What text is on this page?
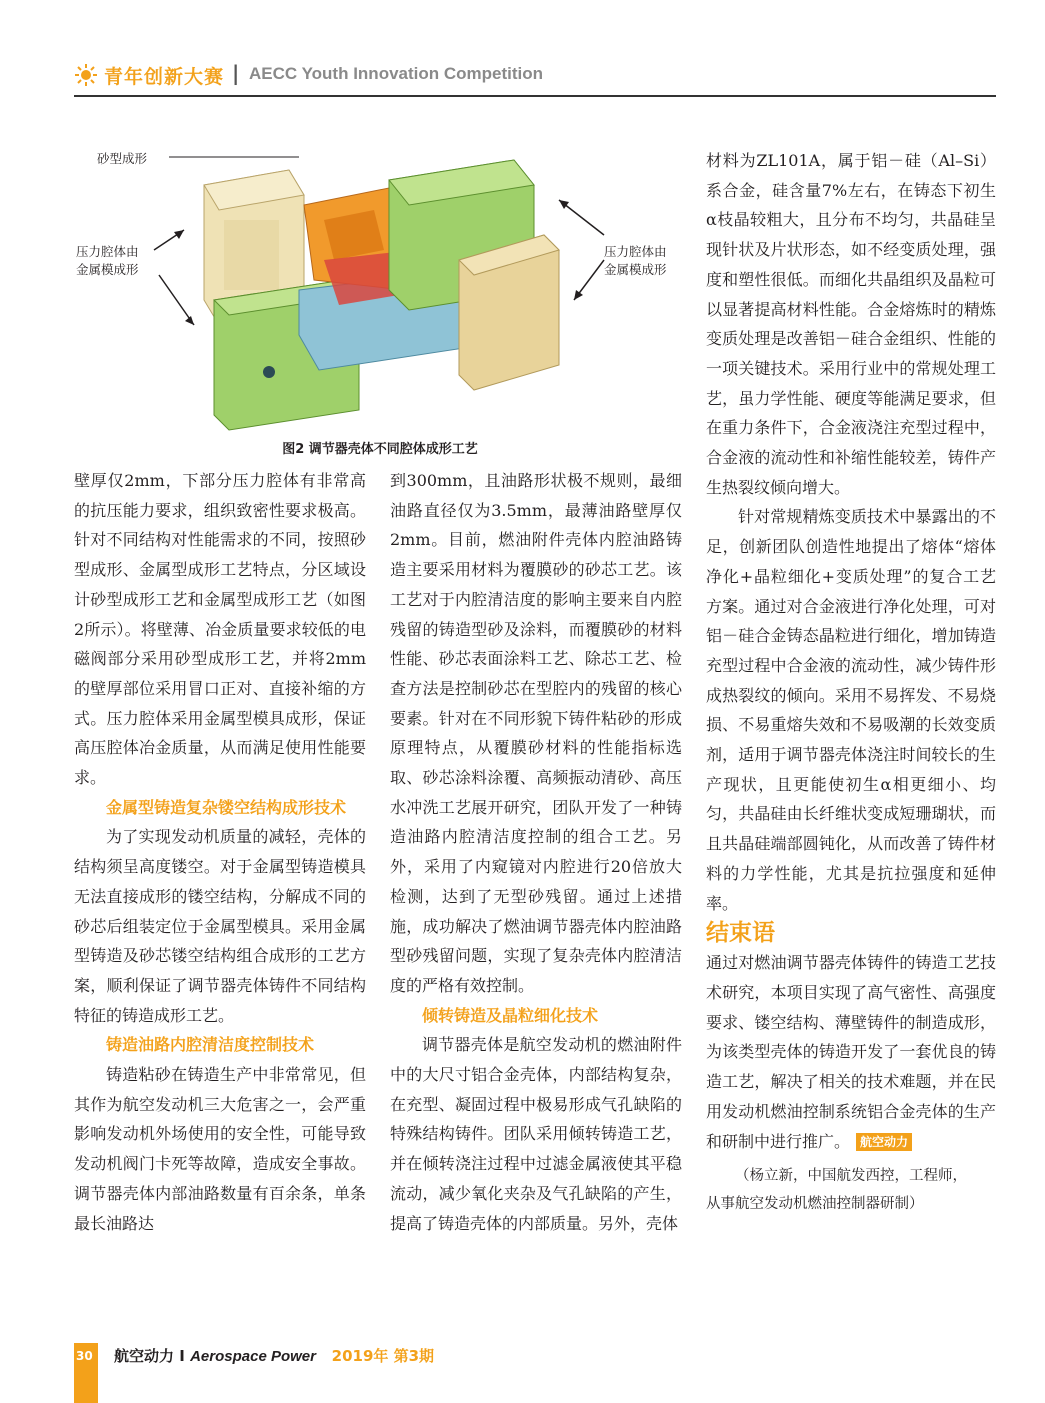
青年创新大赛 | AECC Youth Innovation Competition
砂型成形
压力腔体由
金属模成形
压力腔体由
金属模成形
图2 调节器壳体不同腔体成形工艺

壁厚仅2mm，下部分压力腔体有非常高的抗压能力要求，组织致密性要求极高。针对不同结构对性能需求的不同，按照砂型成形、金属型成形工艺特点，分区域设计砂型成形工艺和金属型成形工艺（如图2所示）。将壁薄、冶金质量要求较低的电磁阀部分采用砂型成形工艺，并将2mm的壁厚部位采用冒口正对、直接补缩的方式。压力腔体采用金属型模具成形，保证高压腔体冶金质量，从而满足使用性能要求。

金属型铸造复杂镂空结构成形技术

为了实现发动机质量的减轻，壳体的结构须呈高度镂空。对于金属型铸造模具无法直接成形的镂空结构，分解成不同的砂芯后组装定位于金属型模具。采用金属型铸造及砂芯镂空结构组合成形的工艺方案，顺利保证了调节器壳体铸件不同结构特征的铸造成形工艺。

铸造油路内腔清洁度控制技术

铸造粘砂在铸造生产中非常常见，但其作为航空发动机三大危害之一，会严重影响发动机外场使用的安全性，可能导致发动机阀门卡死等故障，造成安全事故。调节器壳体内部油路数量有百余条，单条最长油路达

到300mm，且油路形状极不规则，最细油路直径仅为3.5mm，最薄油路壁厚仅2mm。目前，燃油附件壳体内腔油路铸造主要采用材料为覆膜砂的砂芯工艺。该工艺对于内腔清洁度的影响主要来自内腔残留的铸造型砂及涂料，而覆膜砂的材料性能、砂芯表面涂料工艺、除芯工艺、检查方法是控制砂芯在型腔内的残留的核心要素。针对在不同形貌下铸件粘砂的形成原理特点，从覆膜砂材料的性能指标选取、砂芯涂料涂覆、高频振动清砂、高压水冲洗工艺展开研究，团队开发了一种铸造油路内腔清洁度控制的组合工艺。另外，采用了内窥镜对内腔进行20倍放大检测，达到了无型砂残留。通过上述措施，成功解决了燃油调节器壳体内腔油路型砂残留问题，实现了复杂壳体内腔清洁度的严格有效控制。

倾转铸造及晶粒细化技术

调节器壳体是航空发动机的燃油附件中的大尺寸铝合金壳体，内部结构复杂，在充型、凝固过程中极易形成气孔缺陷的特殊结构铸件。团队采用倾转铸造工艺，并在倾转浇注过程中过滤金属液使其平稳流动，减少氧化夹杂及气孔缺陷的产生，提高了铸造壳体的内部质量。另外，壳体

材料为ZL101A，属于铝－硅（Al–Si）系合金，硅含量7%左右，在铸态下初生α枝晶较粗大，且分布不均匀，共晶硅呈现针状及片状形态，如不经变质处理，强度和塑性很低。而细化共晶组织及晶粒可以显著提高材料性能。合金熔炼时的精炼变质处理是改善铝－硅合金组织、性能的一项关键技术。采用行业中的常规处理工艺，虽力学性能、硬度等能满足要求，但在重力条件下，合金液浇注充型过程中，合金液的流动性和补缩性能较差，铸件产生热裂纹倾向增大。

针对常规精炼变质技术中暴露出的不足，创新团队创造性地提出了熔体“熔体净化+晶粒细化+变质处理”的复合工艺方案。通过对合金液进行净化处理，可对铝－硅合金铸态晶粒进行细化，增加铸造充型过程中合金液的流动性，减少铸件形成热裂纹的倾向。采用不易挥发、不易烧损、不易重熔失效和不易吸潮的长效变质剂，适用于调节器壳体浇注时间较长的生产现状，且更能使初生α相更细小、均匀，共晶硅由长纤维状变成短珊瑚状，而且共晶硅端部圆钝化，从而改善了铸件材料的力学性能，尤其是抗拉强度和延伸率。

结束语

通过对燃油调节器壳体铸件的铸造工艺技术研究，本项目实现了高气密性、高强度要求、镂空结构、薄壁铸件的制造成形，为该类型壳体的铸造开发了一套优良的铸造工艺，解决了相关的技术难题，并在民用发动机燃油控制系统铝合金壳体的生产和研制中进行推广。 航空动力

（杨立新，中国航发西控，工程师，

从事航空发动机燃油控制器研制）

30 航空动力 I Aerospace Power 2019年 第3期
